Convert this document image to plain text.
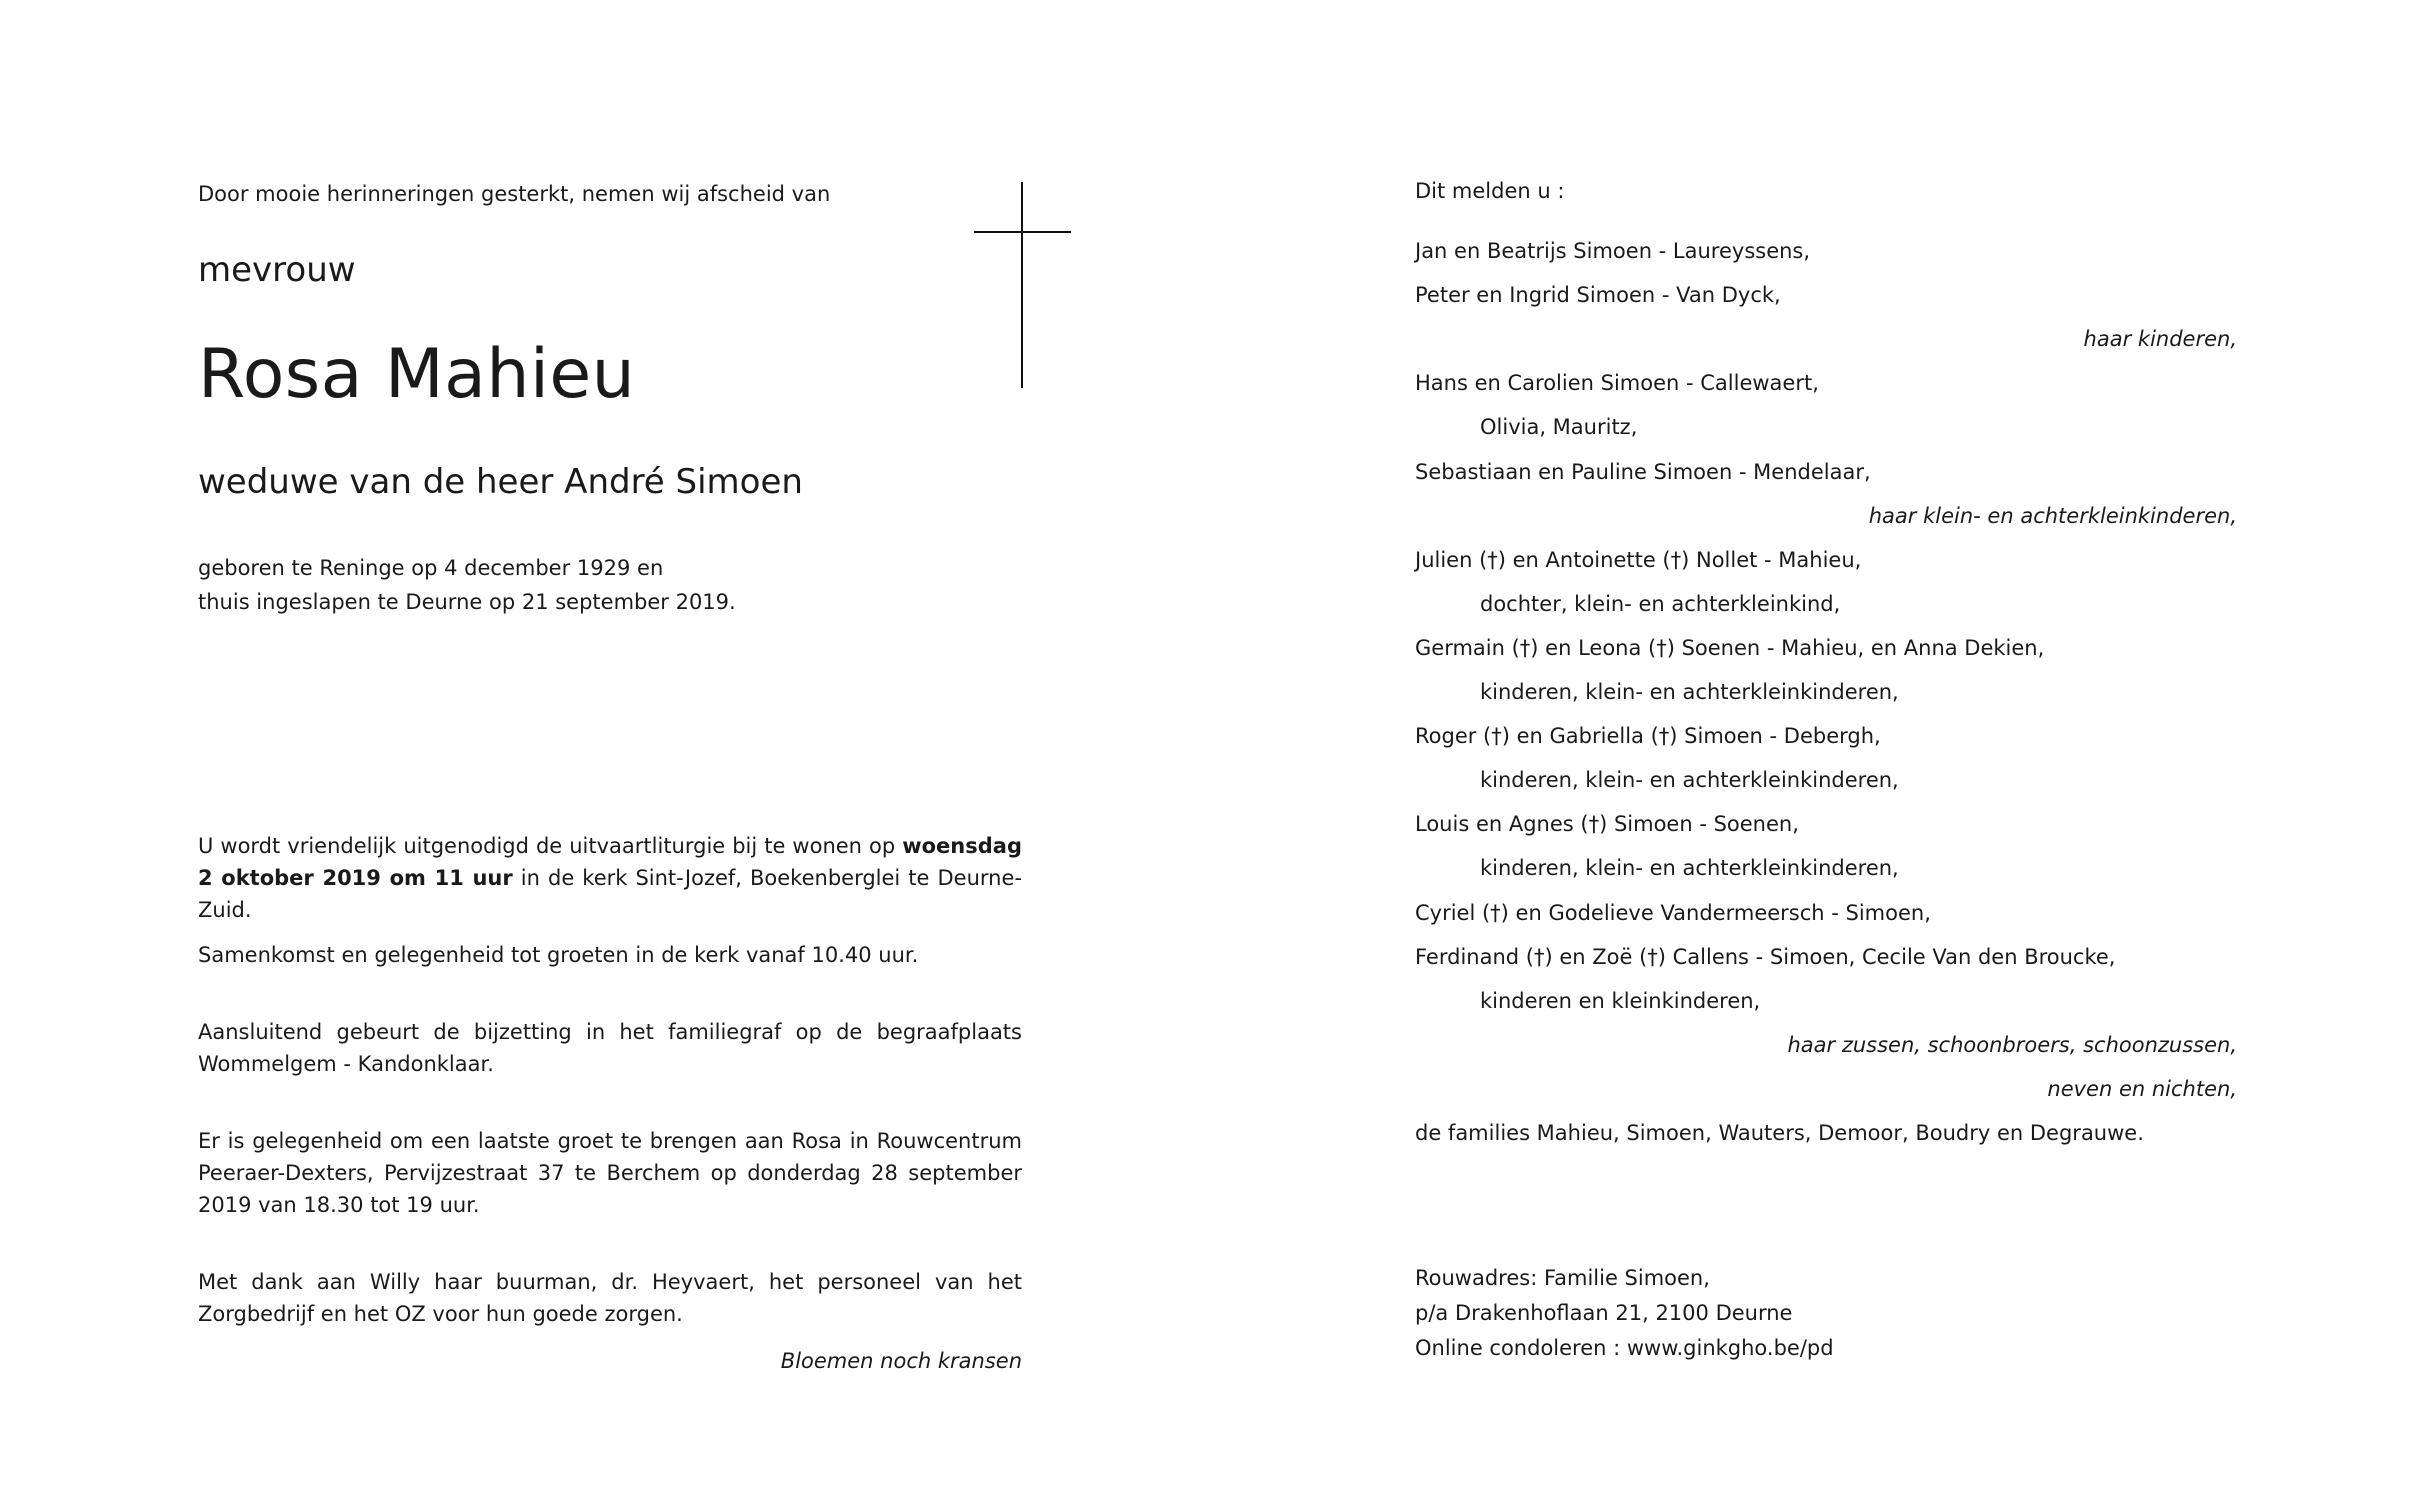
Door mooie herinneringen gesterkt, nemen wij afscheid van
mevrouw
Rosa Mahieu
weduwe van de heer André Simoen
geboren te Reninge op 4 december 1929 en
thuis ingeslapen te Deurne op 21 september 2019.
U wordt vriendelijk uitgenodigd de uitvaartliturgie bij te wonen op woensdag 2 oktober 2019 om 11 uur in de kerk Sint-Jozef, Boekenberglei te Deurne-Zuid.
Samenkomst en gelegenheid tot groeten in de kerk vanaf 10.40 uur.
Aansluitend gebeurt de bijzetting in het familiegraf op de begraafplaats Wommelgem - Kandonklaar.
Er is gelegenheid om een laatste groet te brengen aan Rosa in Rouwcentrum Peeraer-Dexters, Pervijzestraat 37 te Berchem op donderdag 28 september 2019 van 18.30 tot 19 uur.
Met dank aan Willy haar buurman, dr. Heyvaert, het personeel van het Zorgbedrijf en het OZ voor hun goede zorgen.
Bloemen noch kransen
Dit melden u :
Jan en Beatrijs Simoen - Laureyssens,
Peter en Ingrid Simoen - Van Dyck,
haar kinderen,
Hans en Carolien Simoen - Callewaert,
Olivia, Mauritz,
Sebastiaan en Pauline Simoen - Mendelaar,
haar klein- en achterkleinkinderen,
Julien (†) en Antoinette (†) Nollet - Mahieu,
dochter, klein- en achterkleinkind,
Germain (†) en Leona (†) Soenen - Mahieu, en Anna Dekien,
kinderen, klein- en achterkleinkinderen,
Roger (†) en Gabriella (†) Simoen - Debergh,
kinderen, klein- en achterkleinkinderen,
Louis en Agnes (†) Simoen - Soenen,
kinderen, klein- en achterkleinkinderen,
Cyriel (†) en Godelieve Vandermeersch - Simoen,
Ferdinand (†) en Zoë (†) Callens - Simoen, Cecile Van den Broucke,
kinderen en kleinkinderen,
haar zussen, schoonbroers, schoonzussen,
neven en nichten,
de families Mahieu, Simoen, Wauters, Demoor, Boudry en Degrauwe.
Rouwadres: Familie Simoen,
p/a Drakenhoflaan 21, 2100 Deurne
Online condoleren : www.ginkgho.be/pd
